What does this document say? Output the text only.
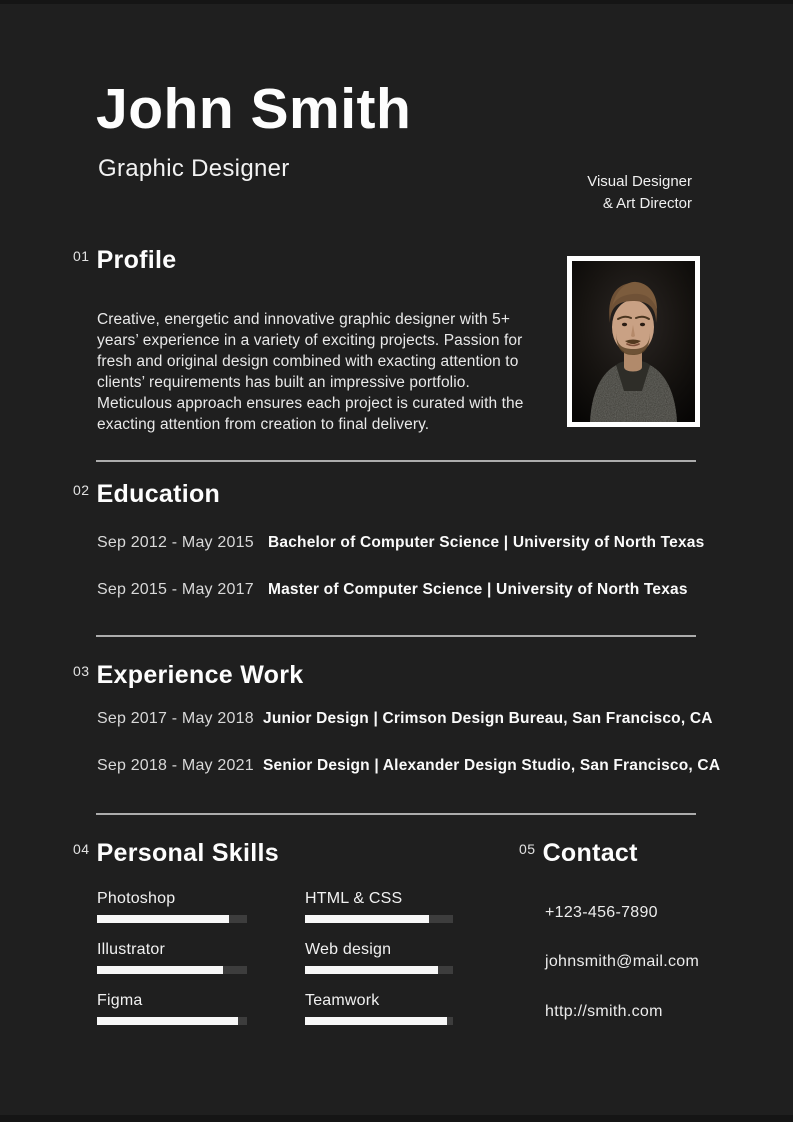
John Smith
Graphic Designer	Visual Designer
& Art Director
01 Profile

Creative, energetic and innovative graphic designer with 5+ years’ experience in a variety of exciting projects. Passion for fresh and original design combined with exacting attention to clients’ requirements has built an impressive portfolio. Meticulous approach ensures each project is curated with the exacting attention from creation to final delivery.

02 Education
Sep 2012 - May 2015 Bachelor of Computer Science | University of North Texas
Sep 2015 - May 2017 Master of Computer Science | University of North Texas
03 Experience Work
Sep 2017 - May 2018 Junior Design | Crimson Design Bureau, San Francisco, CA
Sep 2018 - May 2021 Senior Design | Alexander Design Studio, San Francisco, CA
04 Personal Skills
Photoshop
Illustrator
Figma
HTML & CSS
Web design
Teamwork
05 Contact
+123-456-7890
johnsmith@mail.com
http://smith.com
